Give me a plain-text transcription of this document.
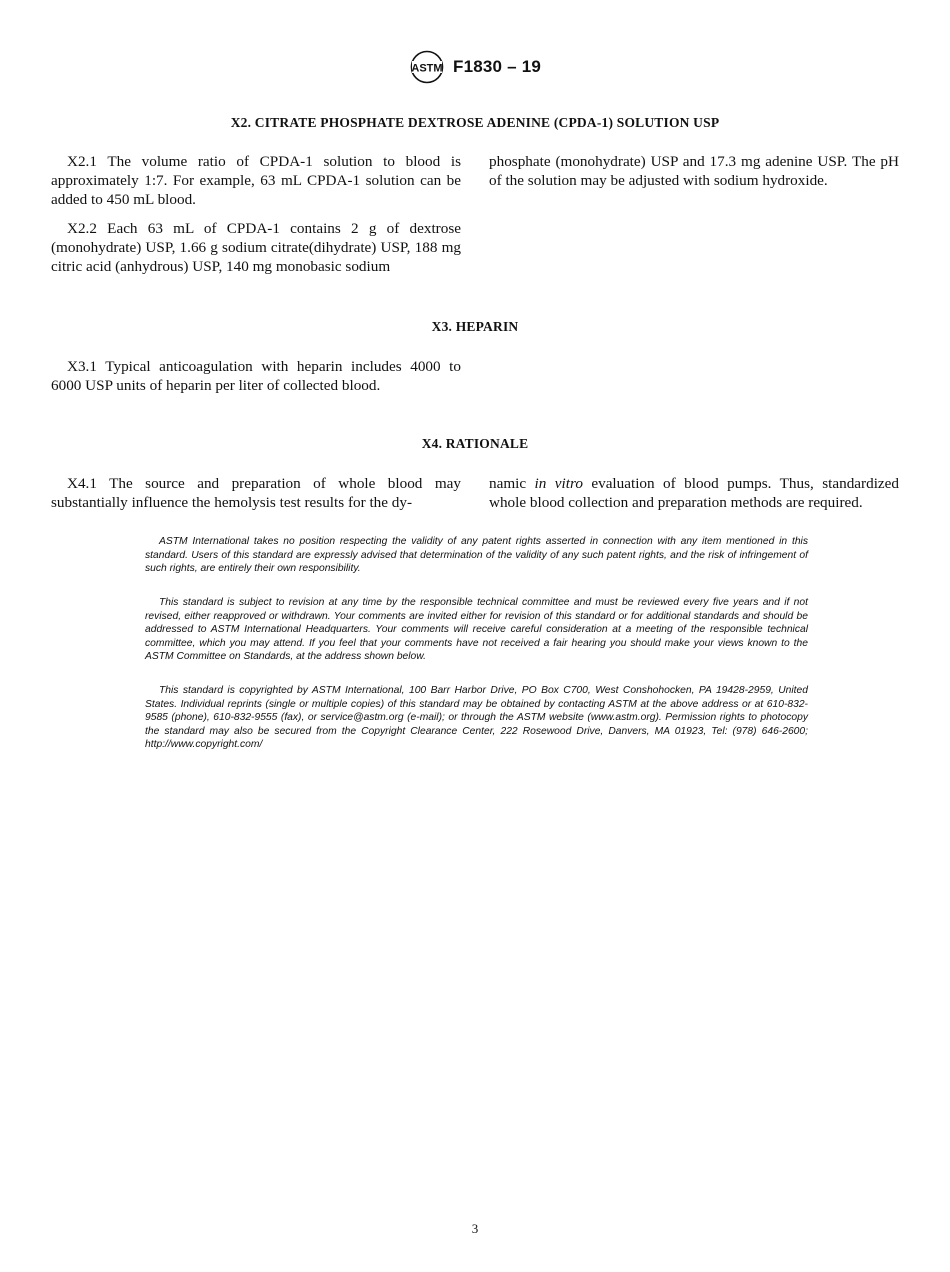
ASTM F1830 – 19
X2. CITRATE PHOSPHATE DEXTROSE ADENINE (CPDA-1) SOLUTION USP

X2.1 The volume ratio of CPDA-1 solution to blood is approximately 1:7. For example, 63 mL CPDA-1 solution can be added to 450 mL blood.

X2.2 Each 63 mL of CPDA-1 contains 2 g of dextrose (monohydrate) USP, 1.66 g sodium citrate(dihydrate) USP, 188 mg citric acid (anhydrous) USP, 140 mg monobasic sodium

phosphate (monohydrate) USP and 17.3 mg adenine USP. The pH of the solution may be adjusted with sodium hydroxide.

X3. HEPARIN

X3.1 Typical anticoagulation with heparin includes 4000 to 6000 USP units of heparin per liter of collected blood.

X4. RATIONALE

X4.1 The source and preparation of whole blood may substantially influence the hemolysis test results for the dy-

namic in vitro evaluation of blood pumps. Thus, standardized whole blood collection and preparation methods are required.

ASTM International takes no position respecting the validity of any patent rights asserted in connection with any item mentioned in this standard. Users of this standard are expressly advised that determination of the validity of any such patent rights, and the risk of infringement of such rights, are entirely their own responsibility.

This standard is subject to revision at any time by the responsible technical committee and must be reviewed every five years and if not revised, either reapproved or withdrawn. Your comments are invited either for revision of this standard or for additional standards and should be addressed to ASTM International Headquarters. Your comments will receive careful consideration at a meeting of the responsible technical committee, which you may attend. If you feel that your comments have not received a fair hearing you should make your views known to the ASTM Committee on Standards, at the address shown below.

This standard is copyrighted by ASTM International, 100 Barr Harbor Drive, PO Box C700, West Conshohocken, PA 19428-2959, United States. Individual reprints (single or multiple copies) of this standard may be obtained by contacting ASTM at the above address or at 610-832-9585 (phone), 610-832-9555 (fax), or service@astm.org (e-mail); or through the ASTM website (www.astm.org). Permission rights to photocopy the standard may also be secured from the Copyright Clearance Center, 222 Rosewood Drive, Danvers, MA 01923, Tel: (978) 646-2600; http://www.copyright.com/

3
